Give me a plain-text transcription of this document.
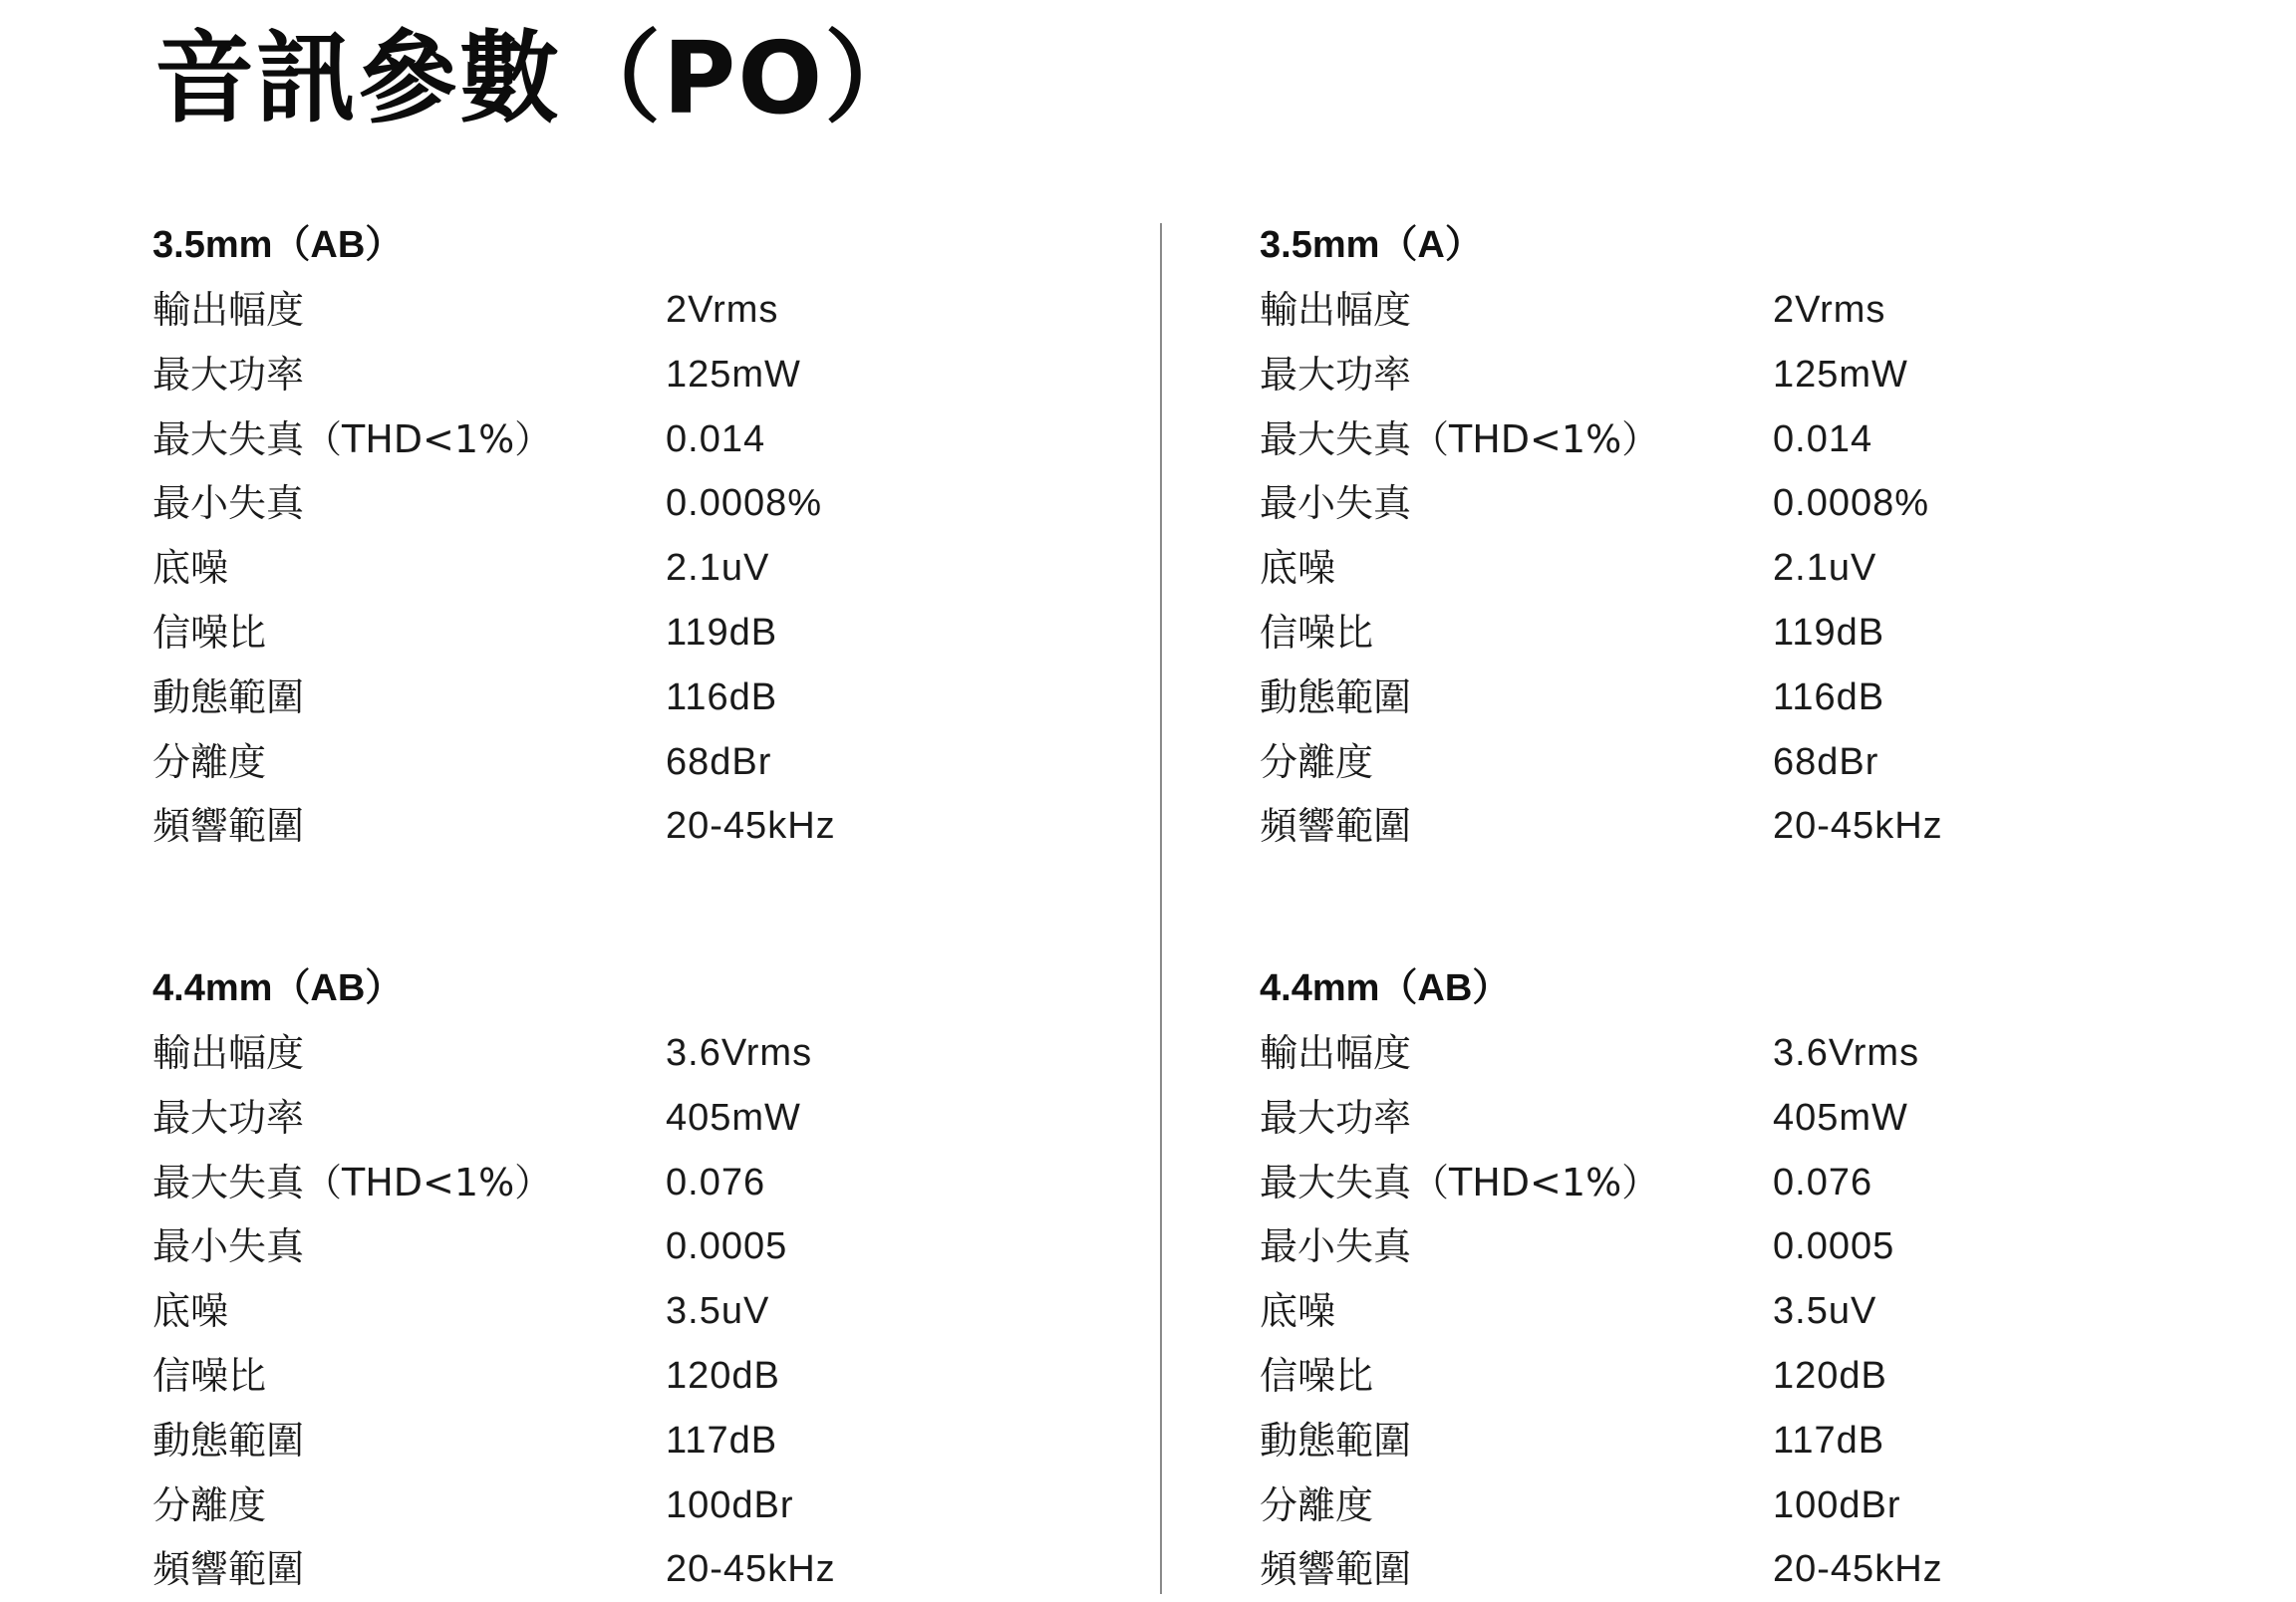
音訊參數（PO）
3.5mm（AB）
輸出幅度	2Vrms
最大功率	125mW
最大失真（THD<1%）	0.014
最小失真	0.0008%
底噪	2.1uV
信噪比	119dB
動態範圍	116dB
分離度	68dBr
頻響範圍	20-45kHz
3.5mm（A）
輸出幅度	2Vrms
最大功率	125mW
最大失真（THD<1%）	0.014
最小失真	0.0008%
底噪	2.1uV
信噪比	119dB
動態範圍	116dB
分離度	68dBr
頻響範圍	20-45kHz
4.4mm（AB）
輸出幅度	3.6Vrms
最大功率	405mW
最大失真（THD<1%）	0.076
最小失真	0.0005
底噪	3.5uV
信噪比	120dB
動態範圍	117dB
分離度	100dBr
頻響範圍	20-45kHz
4.4mm（AB）
輸出幅度	3.6Vrms
最大功率	405mW
最大失真（THD<1%）	0.076
最小失真	0.0005
底噪	3.5uV
信噪比	120dB
動態範圍	117dB
分離度	100dBr
頻響範圍	20-45kHz
